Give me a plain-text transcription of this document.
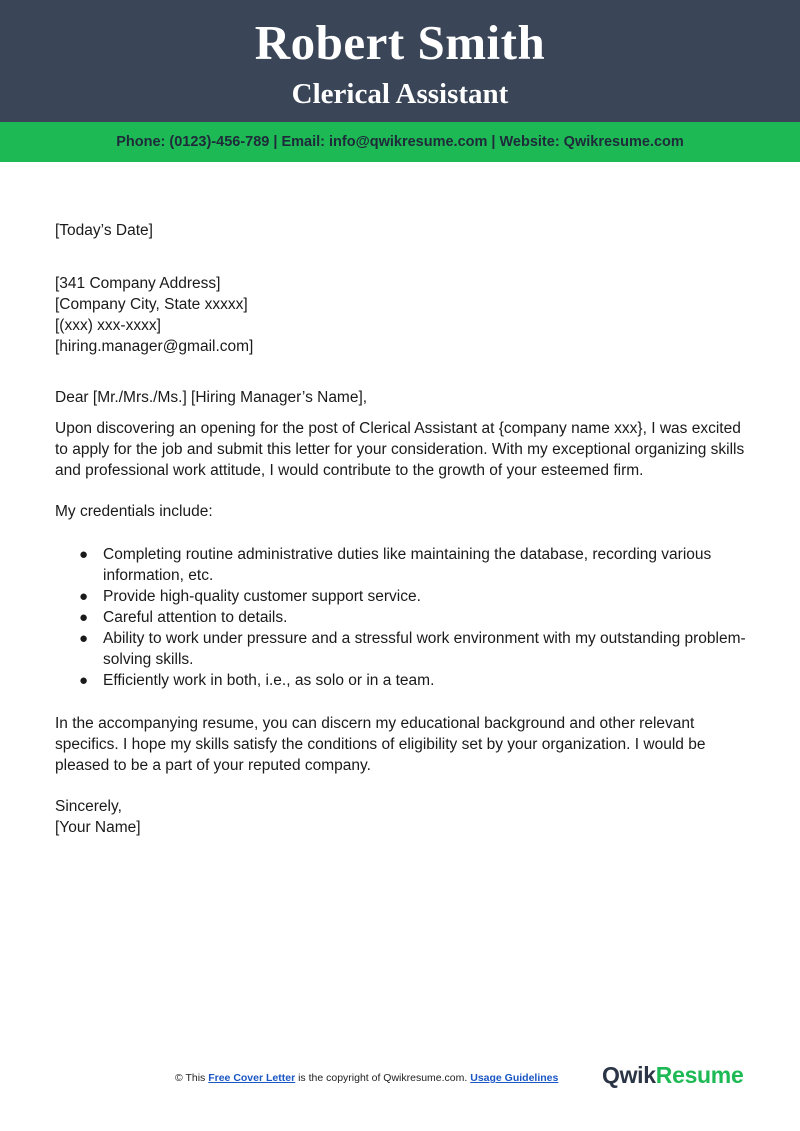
Robert Smith
Clerical Assistant
Phone: (0123)-456-789 | Email: info@qwikresume.com | Website: Qwikresume.com
[Today’s Date]
[341 Company Address]
[Company City, State xxxxx]
[(xxx) xxx-xxxx]
[hiring.manager@gmail.com]
Dear [Mr./Mrs./Ms.] [Hiring Manager’s Name],

Upon discovering an opening for the post of Clerical Assistant at {company name xxx}, I was excited to apply for the job and submit this letter for your consideration. With my exceptional organizing skills and professional work attitude, I would contribute to the growth of your esteemed firm.

My credentials include:
● Completing routine administrative duties like maintaining the database, recording various information, etc.
● Provide high-quality customer support service.
● Careful attention to details.
● Ability to work under pressure and a stressful work environment with my outstanding problem-solving skills.
● Efficiently work in both, i.e., as solo or in a team.

In the accompanying resume, you can discern my educational background and other relevant specifics. I hope my skills satisfy the conditions of eligibility set by your organization. I would be pleased to be a part of your reputed company.

Sincerely,
[Your Name]
© This Free Cover Letter is the copyright of Qwikresume.com. Usage Guidelines QwikResume
